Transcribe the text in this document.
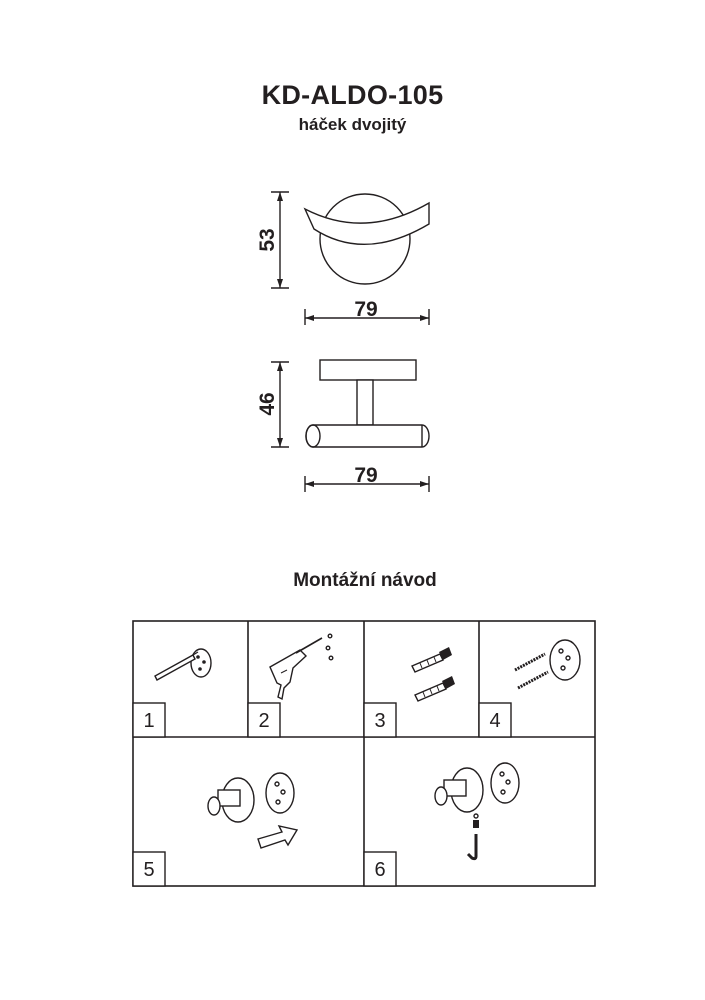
KD-ALDO-105
háček dvojitý
53
79
46
79
Montážní návod
1	2	3	4
5	6
